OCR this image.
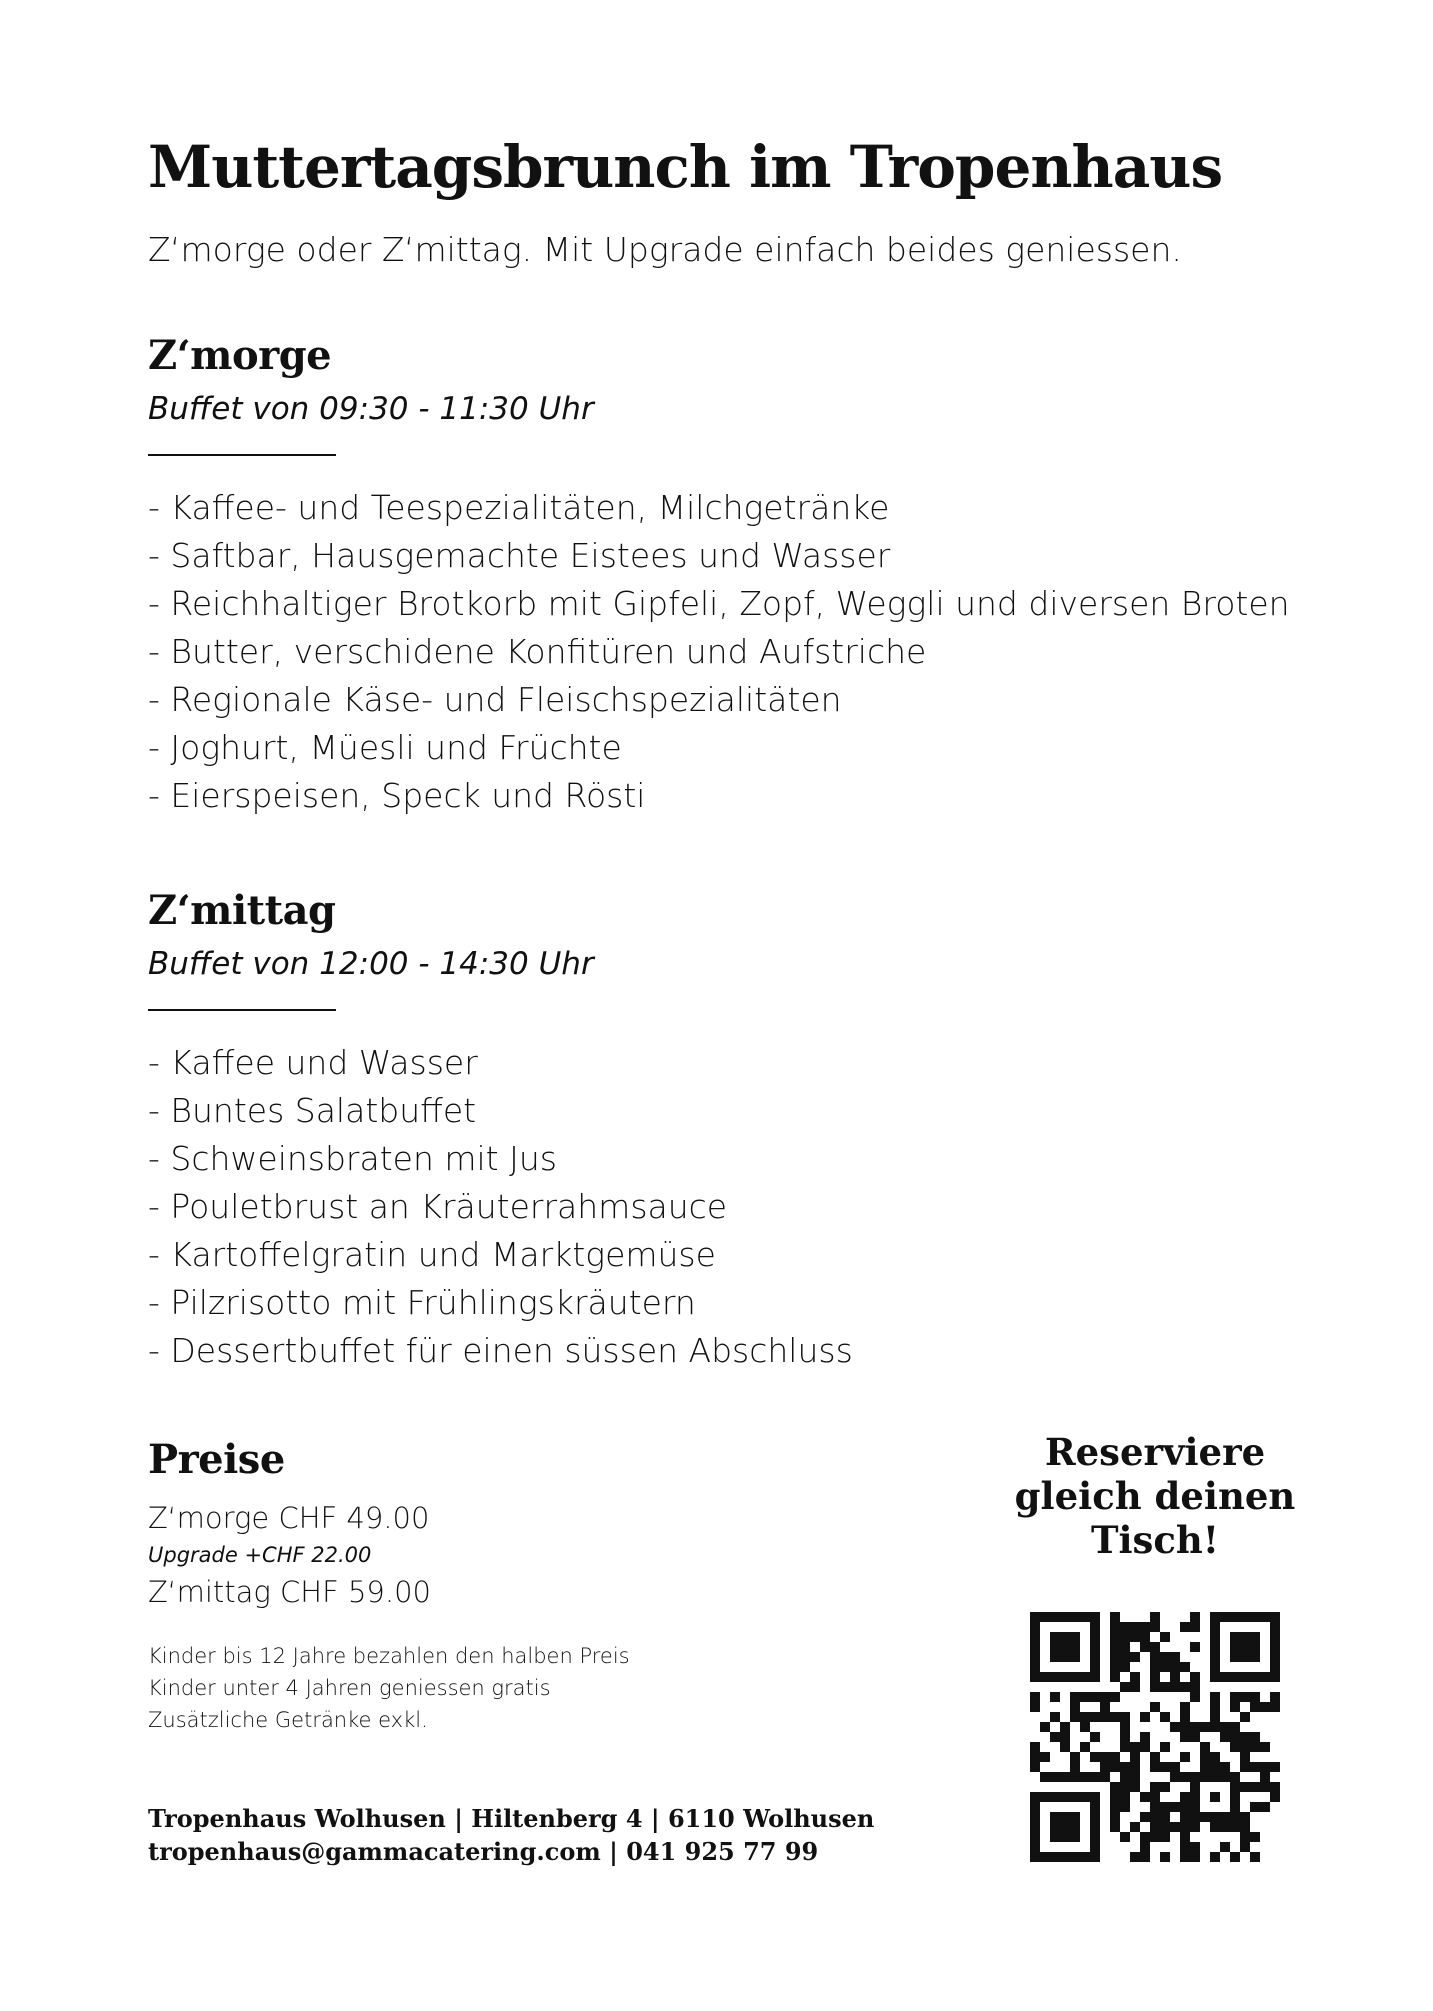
Muttertagsbrunch im Tropenhaus

Z‘morge oder Z‘mittag. Mit Upgrade einfach beides geniessen.

Z‘morge

Buffet von 09:30 - 11:30 Uhr

- Kaffee- und Teespezialitäten, Milchgetränke
- Saftbar, Hausgemachte Eistees und Wasser
- Reichhaltiger Brotkorb mit Gipfeli, Zopf, Weggli und diversen Broten
- Butter, verschidene Konfitüren und Aufstriche
- Regionale Käse- und Fleischspezialitäten
- Joghurt, Müesli und Früchte
- Eierspeisen, Speck und Rösti
Z‘mittag

Buffet von 12:00 - 14:30 Uhr

- Kaffee und Wasser
- Buntes Salatbuffet
- Schweinsbraten mit Jus
- Pouletbrust an Kräuterrahmsauce
- Kartoffelgratin und Marktgemüse
- Pilzrisotto mit Frühlingskräutern
- Dessertbuffet für einen süssen Abschluss
Preise

Z‘morge CHF 49.00

Upgrade +CHF 22.00

Z‘mittag CHF 59.00

Kinder bis 12 Jahre bezahlen den halben Preis

Kinder unter 4 Jahren geniessen gratis

Zusätzliche Getränke exkl.

Tropenhaus Wolhusen | Hiltenberg 4 | 6110 Wolhusen

tropenhaus@gammacatering.com | 041 925 77 99

Reserviere

gleich deinen

Tisch!
